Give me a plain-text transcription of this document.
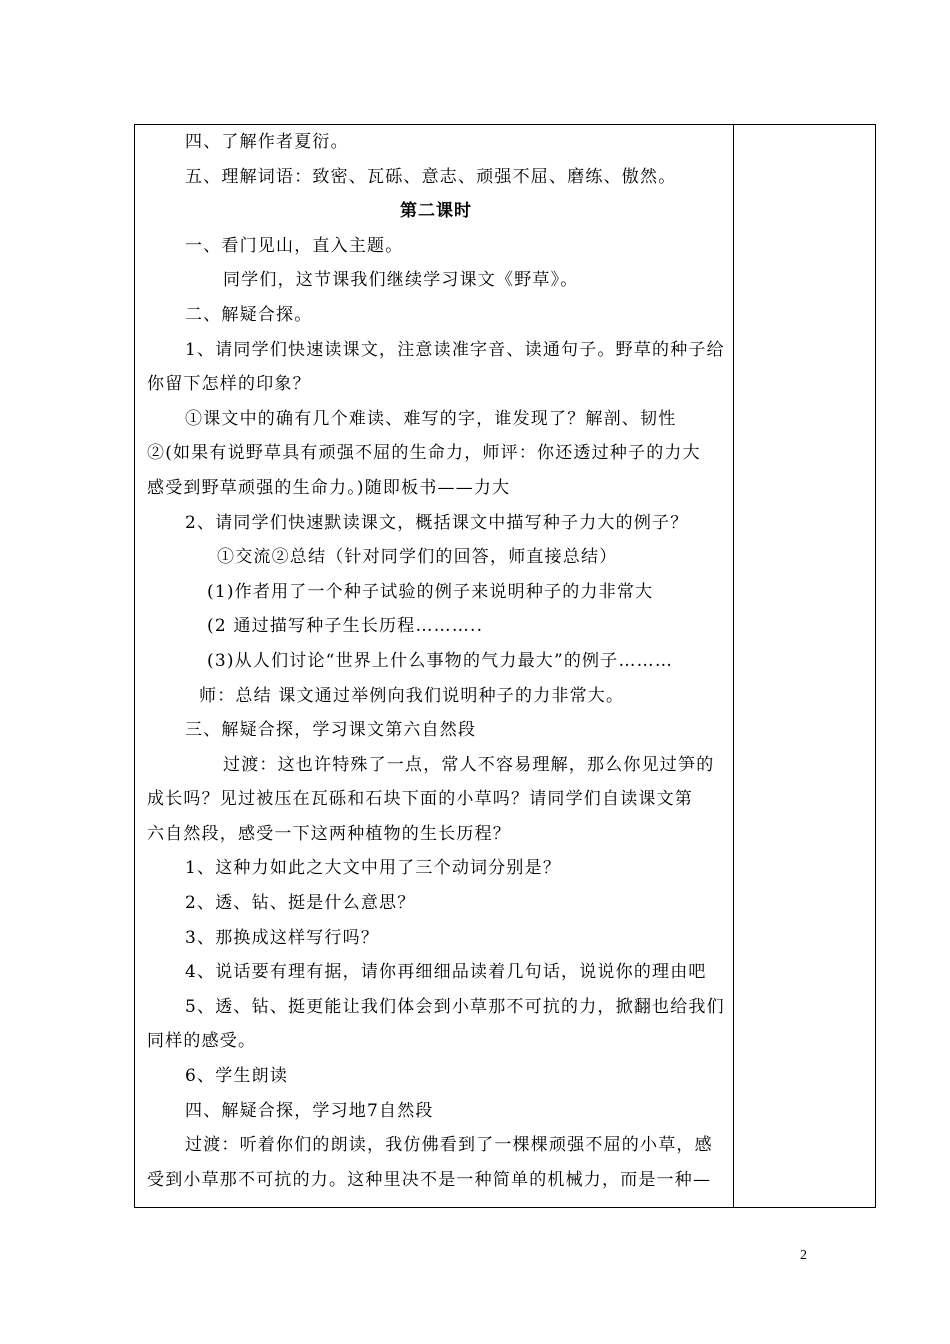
四、了解作者夏衍。
五、理解词语：致密、瓦砾、意志、顽强不屈、磨练、傲然。
第二课时
一、看门见山，直入主题。
同学们，这节课我们继续学习课文《野草》。
二、解疑合探。
1、请同学们快速读课文，注意读准字音、读通句子。野草的种子给
你留下怎样的印象？
①课文中的确有几个难读、难写的字，谁发现了？解剖、韧性
②(如果有说野草具有顽强不屈的生命力，师评：你还透过种子的力大
感受到野草顽强的生命力。)随即板书——力大
2、请同学们快速默读课文，概括课文中描写种子力大的例子？
①交流②总结（针对同学们的回答，师直接总结）
(1)作者用了一个种子试验的例子来说明种子的力非常大
(2 通过描写种子生长历程………..
(3)从人们讨论“世界上什么事物的气力最大”的例子………
师：总结 课文通过举例向我们说明种子的力非常大。
三、解疑合探，学习课文第六自然段
过渡：这也许特殊了一点，常人不容易理解，那么你见过笋的
成长吗？见过被压在瓦砾和石块下面的小草吗？请同学们自读课文第
六自然段，感受一下这两种植物的生长历程？
1、这种力如此之大文中用了三个动词分别是？
2、透、钻、挺是什么意思？
3、那换成这样写行吗？
4、说话要有理有据，请你再细细品读着几句话，说说你的理由吧
5、透、钻、挺更能让我们体会到小草那不可抗的力，掀翻也给我们
同样的感受。
6、学生朗读
四、解疑合探，学习地7自然段
过渡：听着你们的朗读，我仿佛看到了一棵棵顽强不屈的小草，感
受到小草那不可抗的力。这种里决不是一种简单的机械力，而是一种—
2
